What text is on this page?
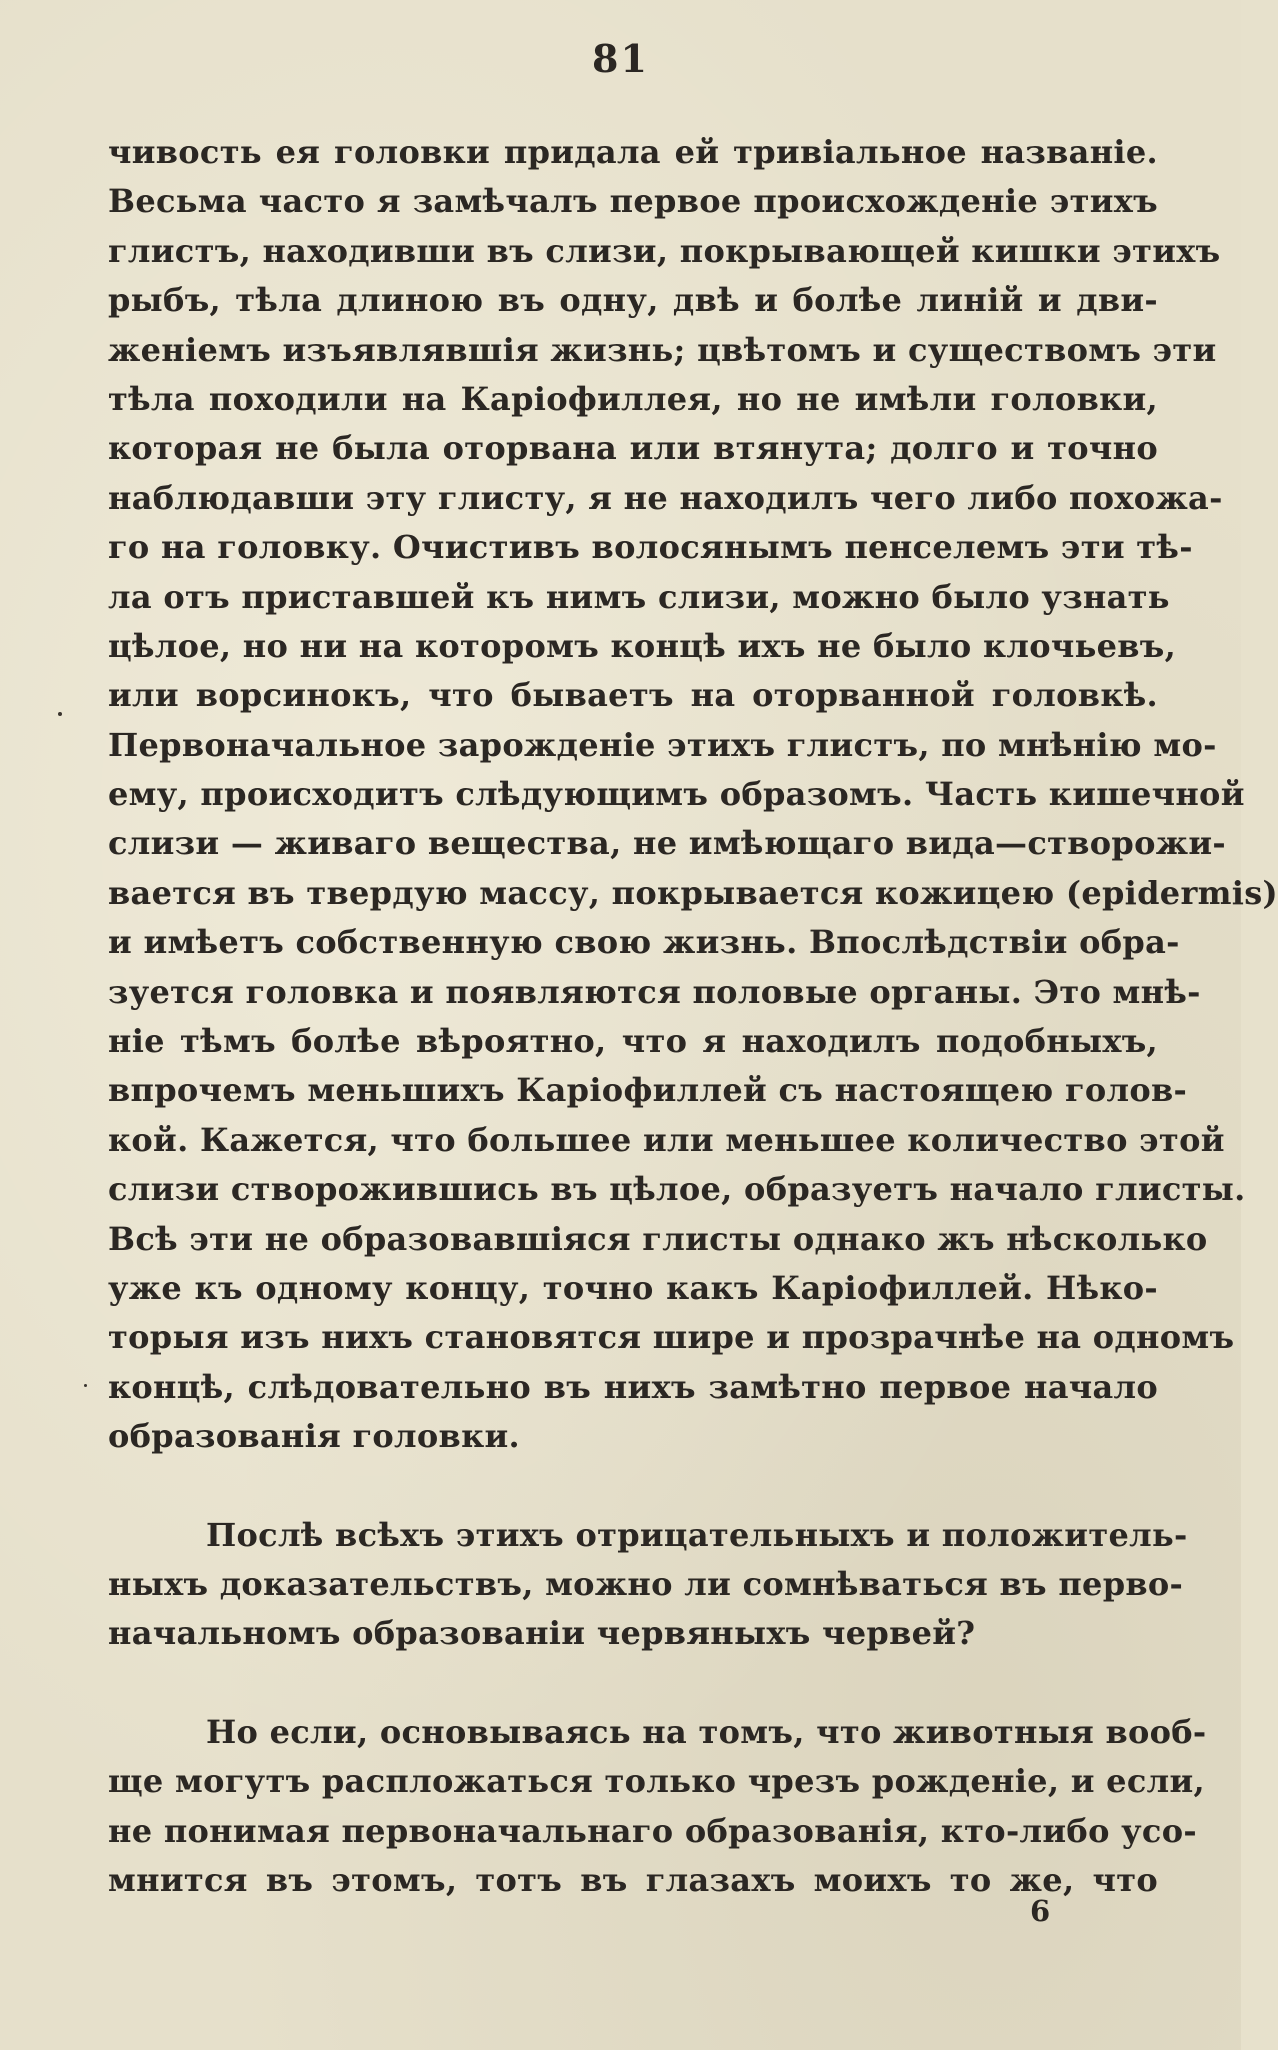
81
чивость ея головки придала ей тривіальное названіе.
Весьма часто я замѣчалъ первое происхожденіе этихъ
глистъ, находивши въ слизи, покрывающей кишки этихъ
рыбъ, тѣла длиною въ одну, двѣ и болѣе линій и дви-
женіемъ изъявлявшія жизнь; цвѣтомъ и существомъ эти
тѣла походили на Каріофиллея, но не имѣли головки,
которая не была оторвана или втянута; долго и точно
наблюдавши эту глисту, я не находилъ чего либо похожа-
го на головку. Очистивъ волосянымъ пенселемъ эти тѣ-
ла отъ приставшей къ нимъ слизи, можно было узнать
цѣлое, но ни на которомъ концѣ ихъ не было клочьевъ,
или ворсинокъ, что бываетъ на оторванной головкѣ.
Первоначальное зарожденіе этихъ глистъ, по мнѣнію мо-
ему, происходитъ слѣдующимъ образомъ. Часть кишечной
слизи — живаго вещества, не имѣющаго вида—створожи-
вается въ твердую массу, покрывается кожицею (epidermis)
и имѣетъ собственную свою жизнь. Впослѣдствіи обра-
зуется головка и появляются половые органы. Это мнѣ-
ніе тѣмъ болѣе вѣроятно, что я находилъ подобныхъ,
впрочемъ меньшихъ Каріофиллей съ настоящею голов-
кой. Кажется, что большее или меньшее количество этой
слизи створожившись въ цѣлое, образуетъ начало глисты.
Всѣ эти не образовавшіяся глисты однако жъ нѣсколько
уже къ одному концу, точно какъ Каріофиллей. Нѣко-
торыя изъ нихъ становятся шире и прозрачнѣе на одномъ
концѣ, слѣдовательно въ нихъ замѣтно первое начало
образованія головки.
Послѣ всѣхъ этихъ отрицательныхъ и положитель-
ныхъ доказательствъ, можно ли сомнѣваться въ перво-
начальномъ образованіи червяныхъ червей?
Но если, основываясь на томъ, что животныя вооб-
ще могутъ распложаться только чрезъ рожденіе, и если,
не понимая первоначальнаго образованія, кто-либо усо-
мнится въ этомъ, тотъ въ глазахъ моихъ то же, что
6
